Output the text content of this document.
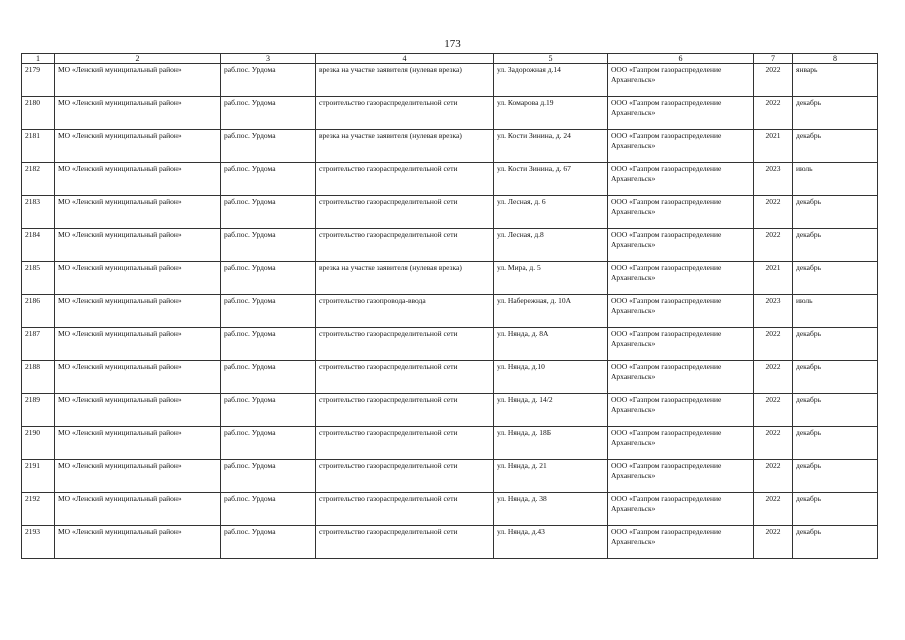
173
1	2	3	4	5	6	7	8
2179	МО «Ленский муниципальный район»	раб.пос. Урдома	врезка на участке заявителя (нулевая врезка)	ул. Задорожная д.14	ООО «Газпром газораспределение Архангельск»	2022	январь
2180	МО «Ленский муниципальный район»	раб.пос. Урдома	строительство газораспределительной сети	ул. Комарова д.19	ООО «Газпром газораспределение Архангельск»	2022	декабрь
2181	МО «Ленский муниципальный район»	раб.пос. Урдома	врезка на участке заявителя (нулевая врезка)	ул. Кости Зинина, д. 24	ООО «Газпром газораспределение Архангельск»	2021	декабрь
2182	МО «Ленский муниципальный район»	раб.пос. Урдома	строительство газораспределительной сети	ул. Кости Зинина, д. 67	ООО «Газпром газораспределение Архангельск»	2023	июль
2183	МО «Ленский муниципальный район»	раб.пос. Урдома	строительство газораспределительной сети	ул. Лесная, д. 6	ООО «Газпром газораспределение Архангельск»	2022	декабрь
2184	МО «Ленский муниципальный район»	раб.пос. Урдома	строительство газораспределительной сети	ул. Лесная, д.8	ООО «Газпром газораспределение Архангельск»	2022	декабрь
2185	МО «Ленский муниципальный район»	раб.пос. Урдома	врезка на участке заявителя (нулевая врезка)	ул. Мира, д. 5	ООО «Газпром газораспределение Архангельск»	2021	декабрь
2186	МО «Ленский муниципальный район»	раб.пос. Урдома	строительство газопровода-ввода	ул. Набережная, д. 10А	ООО «Газпром газораспределение Архангельск»	2023	июль
2187	МО «Ленский муниципальный район»	раб.пос. Урдома	строительство газораспределительной сети	ул. Нянда, д. 8А	ООО «Газпром газораспределение Архангельск»	2022	декабрь
2188	МО «Ленский муниципальный район»	раб.пос. Урдома	строительство газораспределительной сети	ул. Нянда, д.10	ООО «Газпром газораспределение Архангельск»	2022	декабрь
2189	МО «Ленский муниципальный район»	раб.пос. Урдома	строительство газораспределительной сети	ул. Нянда, д. 14/2	ООО «Газпром газораспределение Архангельск»	2022	декабрь
2190	МО «Ленский муниципальный район»	раб.пос. Урдома	строительство газораспределительной сети	ул. Нянда, д. 18Б	ООО «Газпром газораспределение Архангельск»	2022	декабрь
2191	МО «Ленский муниципальный район»	раб.пос. Урдома	строительство газораспределительной сети	ул. Нянда, д. 21	ООО «Газпром газораспределение Архангельск»	2022	декабрь
2192	МО «Ленский муниципальный район»	раб.пос. Урдома	строительство газораспределительной сети	ул. Нянда, д. 38	ООО «Газпром газораспределение Архангельск»	2022	декабрь
2193	МО «Ленский муниципальный район»	раб.пос. Урдома	строительство газораспределительной сети	ул. Нянда, д.43	ООО «Газпром газораспределение Архангельск»	2022	декабрь
